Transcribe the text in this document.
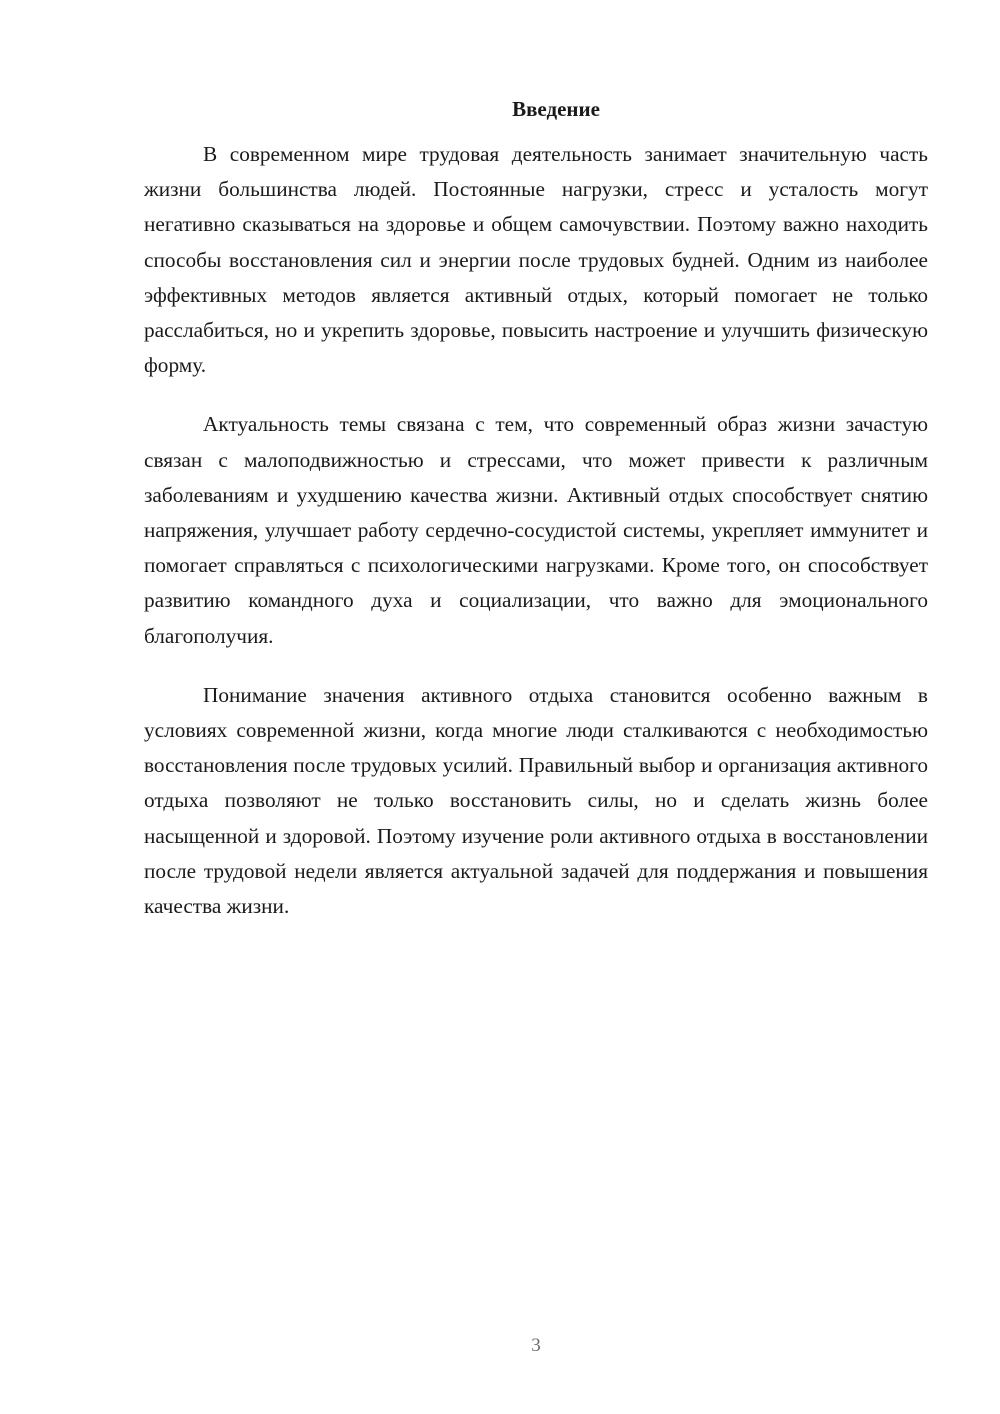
Введение

В современном мире трудовая деятельность занимает значительную часть жизни большинства людей. Постоянные нагрузки, стресс и усталость могут негативно сказываться на здоровье и общем самочувствии. Поэтому важно находить способы восстановления сил и энергии после трудовых будней. Одним из наиболее эффективных методов является активный отдых, который помогает не только расслабиться, но и укрепить здоровье, повысить настроение и улучшить физическую форму.

Актуальность темы связана с тем, что современный образ жизни зачастую связан с малоподвижностью и стрессами, что может привести к различным заболеваниям и ухудшению качества жизни. Активный отдых способствует снятию напряжения, улучшает работу сердечно-сосудистой системы, укрепляет иммунитет и помогает справляться с психологическими нагрузками. Кроме того, он способствует развитию командного духа и социализации, что важно для эмоционального благополучия.

Понимание значения активного отдыха становится особенно важным в условиях современной жизни, когда многие люди сталкиваются с необходимостью восстановления после трудовых усилий. Правильный выбор и организация активного отдыха позволяют не только восстановить силы, но и сделать жизнь более насыщенной и здоровой. Поэтому изучение роли активного отдыха в восстановлении после трудовой недели является актуальной задачей для поддержания и повышения качества жизни.

3
